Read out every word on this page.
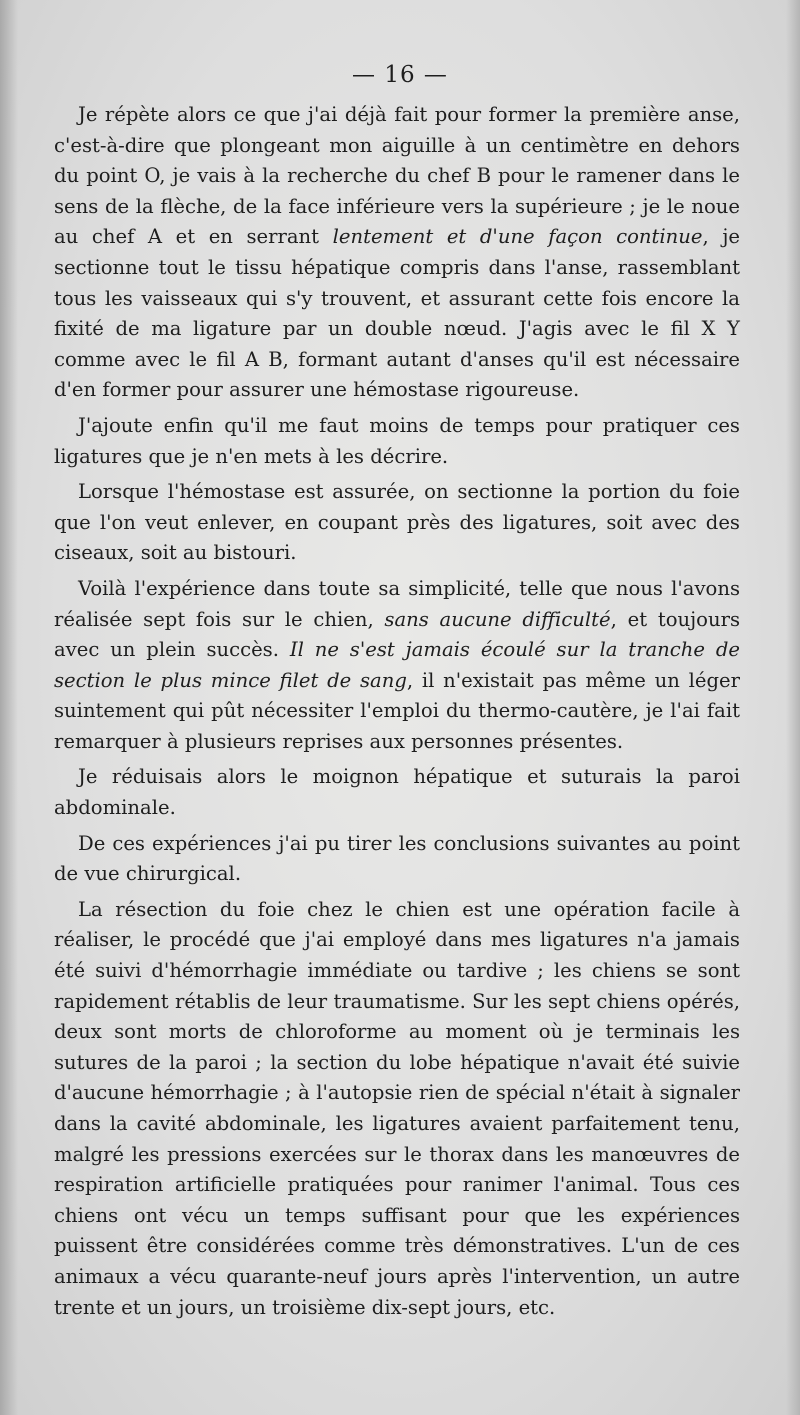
— 16 —

Je répète alors ce que j'ai déjà fait pour former la première anse, c'est-à-dire que plongeant mon aiguille à un centimètre en dehors du point O, je vais à la recherche du chef B pour le ramener dans le sens de la flèche, de la face inférieure vers la supérieure ; je le noue au chef A et en serrant lentement et d'une façon continue, je sectionne tout le tissu hépatique compris dans l'anse, rassemblant tous les vaisseaux qui s'y trouvent, et assurant cette fois encore la fixité de ma ligature par un double nœud. J'agis avec le fil X Y comme avec le fil A B, formant autant d'anses qu'il est nécessaire d'en former pour assurer une hémostase rigoureuse.

J'ajoute enfin qu'il me faut moins de temps pour pratiquer ces ligatures que je n'en mets à les décrire.

Lorsque l'hémostase est assurée, on sectionne la portion du foie que l'on veut enlever, en coupant près des ligatures, soit avec des ciseaux, soit au bistouri.

Voilà l'expérience dans toute sa simplicité, telle que nous l'avons réalisée sept fois sur le chien, sans aucune difficulté, et toujours avec un plein succès. Il ne s'est jamais écoulé sur la tranche de section le plus mince filet de sang, il n'existait pas même un léger suintement qui pût nécessiter l'emploi du thermo-cautère, je l'ai fait remarquer à plusieurs reprises aux personnes présentes.

Je réduisais alors le moignon hépatique et suturais la paroi abdominale.

De ces expériences j'ai pu tirer les conclusions suivantes au point de vue chirurgical.

La résection du foie chez le chien est une opération facile à réaliser, le procédé que j'ai employé dans mes ligatures n'a jamais été suivi d'hémorrhagie immédiate ou tardive ; les chiens se sont rapidement rétablis de leur traumatisme. Sur les sept chiens opérés, deux sont morts de chloroforme au moment où je terminais les sutures de la paroi ; la section du lobe hépatique n'avait été suivie d'aucune hémorrhagie ; à l'autopsie rien de spécial n'était à signaler dans la cavité abdominale, les ligatures avaient parfaitement tenu, malgré les pressions exercées sur le thorax dans les manœuvres de respiration artificielle pratiquées pour ranimer l'animal. Tous ces chiens ont vécu un temps suffisant pour que les expériences puissent être considérées comme très démonstratives. L'un de ces animaux a vécu quarante-neuf jours après l'intervention, un autre trente et un jours, un troisième dix-sept jours, etc.
